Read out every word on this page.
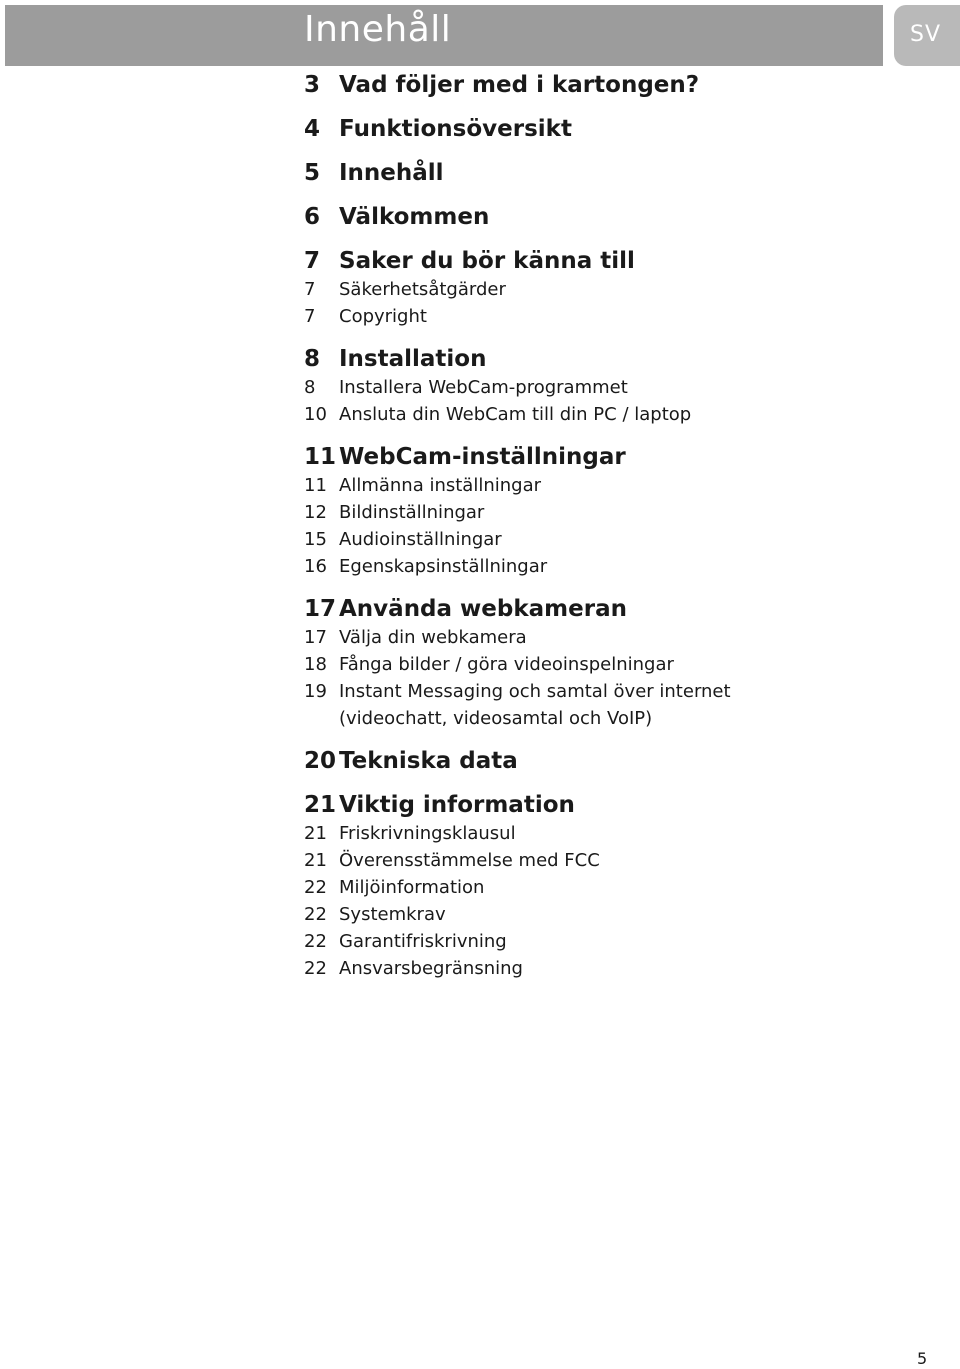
Innehåll	SV
3 Vad följer med i kartongen?
4 Funktionsöversikt
5 Innehåll
6 Välkommen
7 Saker du bör känna till
7	Säkerhetsåtgärder
7	Copyright
8 Installation
8	Installera WebCam-programmet
10 Ansluta din WebCam till din PC / laptop
11 WebCam-inställningar
11 Allmänna inställningar
12 Bildinställningar
15 Audioinställningar
16 Egenskapsinställningar
17 Använda webkameran
17 Välja din webkamera
18 Fånga bilder / göra videoinspelningar
19 Instant Messaging och samtal över internet
(videochatt, videosamtal och VoIP)
20 Tekniska data
21 Viktig information
21 Friskrivningsklausul
21 Överensstämmelse med FCC
22 Miljöinformation
22 Systemkrav
22 Garantifriskrivning
22 Ansvarsbegränsning
5
